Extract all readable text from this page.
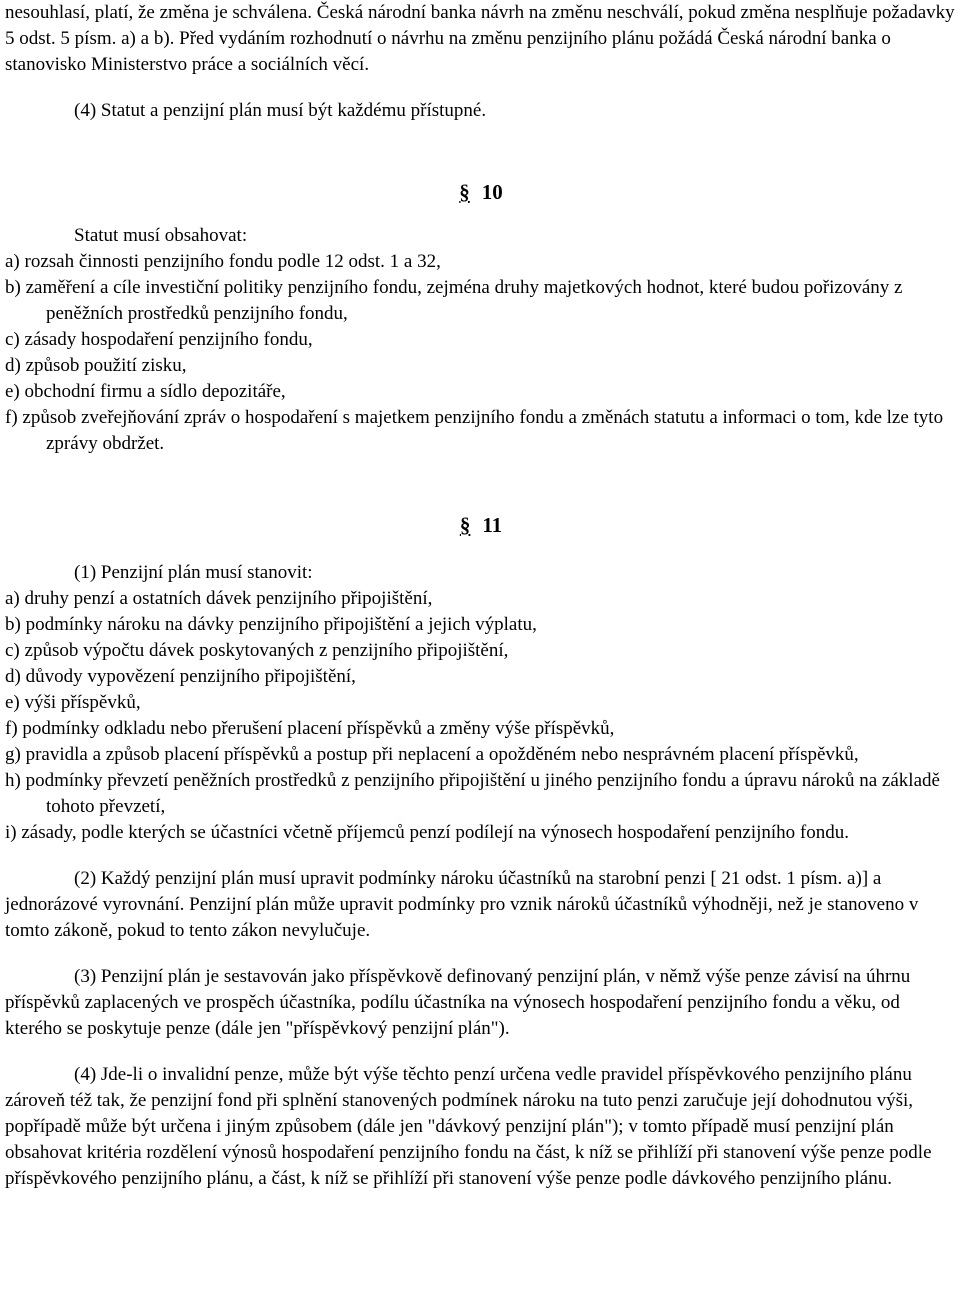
nesouhlasí, platí, že změna je schválena. Česká národní banka návrh na změnu neschválí, pokud změna nesplňuje požadavky 5 odst. 5 písm. a) a b). Před vydáním rozhodnutí o návrhu na změnu penzijního plánu požádá Česká národní banka o stanovisko Ministerstvo práce a sociálních věcí.

(4) Statut a penzijní plán musí být každému přístupné.

§ 10

Statut musí obsahovat:

a) rozsah činnosti penzijního fondu podle 12 odst. 1 a 32,
b) zaměření a cíle investiční politiky penzijního fondu, zejména druhy majetkových hodnot, které budou pořizovány z peněžních prostředků penzijního fondu,
c) zásady hospodaření penzijního fondu,
d) způsob použití zisku,
e) obchodní firmu a sídlo depozitáře,
f) způsob zveřejňování zpráv o hospodaření s majetkem penzijního fondu a změnách statutu a informaci o tom, kde lze tyto zprávy obdržet.
§ 11

(1) Penzijní plán musí stanovit:

a) druhy penzí a ostatních dávek penzijního připojištění,
b) podmínky nároku na dávky penzijního připojištění a jejich výplatu,
c) způsob výpočtu dávek poskytovaných z penzijního připojištění,
d) důvody vypovězení penzijního připojištění,
e) výši příspěvků,
f) podmínky odkladu nebo přerušení placení příspěvků a změny výše příspěvků,
g) pravidla a způsob placení příspěvků a postup při neplacení a opožděném nebo nesprávném placení příspěvků,
h) podmínky převzetí peněžních prostředků z penzijního připojištění u jiného penzijního fondu a úpravu nároků na základě tohoto převzetí,
i) zásady, podle kterých se účastníci včetně příjemců penzí podílejí na výnosech hospodaření penzijního fondu.

(2) Každý penzijní plán musí upravit podmínky nároku účastníků na starobní penzi [ 21 odst. 1 písm. a)] a jednorázové vyrovnání. Penzijní plán může upravit podmínky pro vznik nároků účastníků výhodněji, než je stanoveno v tomto zákoně, pokud to tento zákon nevylučuje.

(3) Penzijní plán je sestavován jako příspěvkově definovaný penzijní plán, v němž výše penze závisí na úhrnu příspěvků zaplacených ve prospěch účastníka, podílu účastníka na výnosech hospodaření penzijního fondu a věku, od kterého se poskytuje penze (dále jen "příspěvkový penzijní plán").

(4) Jde-li o invalidní penze, může být výše těchto penzí určena vedle pravidel příspěvkového penzijního plánu zároveň též tak, že penzijní fond při splnění stanovených podmínek nároku na tuto penzi zaručuje její dohodnutou výši, popřípadě může být určena i jiným způsobem (dále jen "dávkový penzijní plán"); v tomto případě musí penzijní plán obsahovat kritéria rozdělení výnosů hospodaření penzijního fondu na část, k níž se přihlíží při stanovení výše penze podle příspěvkového penzijního plánu, a část, k níž se přihlíží při stanovení výše penze podle dávkového penzijního plánu.
